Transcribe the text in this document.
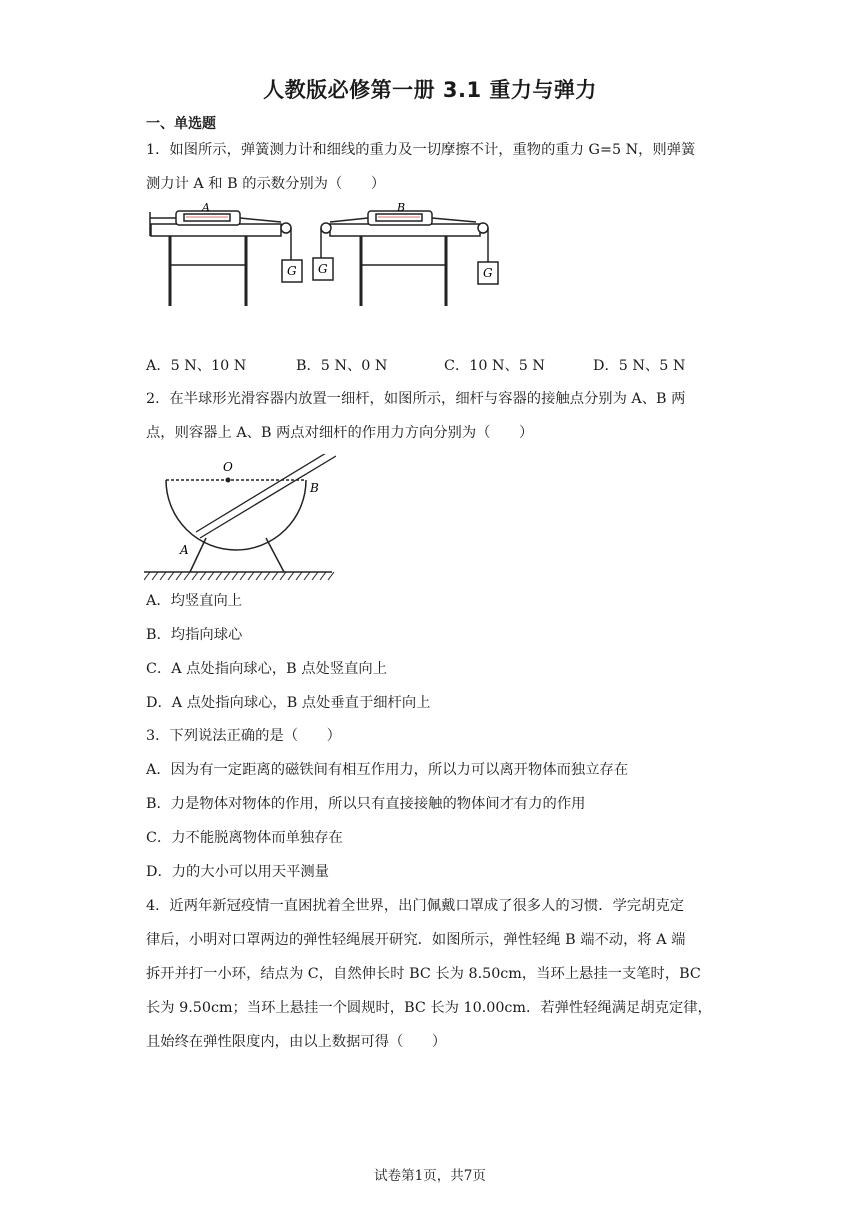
人教版必修第一册 3.1 重力与弹力
一、单选题
1．如图所示，弹簧测力计和细线的重力及一切摩擦不计，重物的重力 G=5 N，则弹簧
测力计 A 和 B 的示数分别为（　　）
A
G
B
G	G
A．5 N、10 N	B．5 N、0 N	C．10 N、5 N	D．5 N、5 N
2．在半球形光滑容器内放置一细杆，如图所示，细杆与容器的接触点分别为 A、B 两
点，则容器上 A、B 两点对细杆的作用力方向分别为（　　）
O
B
A
A．均竖直向上
B．均指向球心
C．A 点处指向球心，B 点处竖直向上
D．A 点处指向球心，B 点处垂直于细杆向上
3．下列说法正确的是（　　）
A．因为有一定距离的磁铁间有相互作用力，所以力可以离开物体而独立存在
B．力是物体对物体的作用，所以只有直接接触的物体间才有力的作用
C．力不能脱离物体而单独存在
D．力的大小可以用天平测量
4．近两年新冠疫情一直困扰着全世界，出门佩戴口罩成了很多人的习惯．学完胡克定
律后，小明对口罩两边的弹性轻绳展开研究．如图所示，弹性轻绳 B 端不动，将 A 端
拆开并打一小环，结点为 C，自然伸长时 BC 长为 8.50cm，当环上悬挂一支笔时，BC
长为 9.50cm；当环上悬挂一个圆规时，BC 长为 10.00cm．若弹性轻绳满足胡克定律，
且始终在弹性限度内，由以上数据可得（　　）
试卷第1页，共7页
